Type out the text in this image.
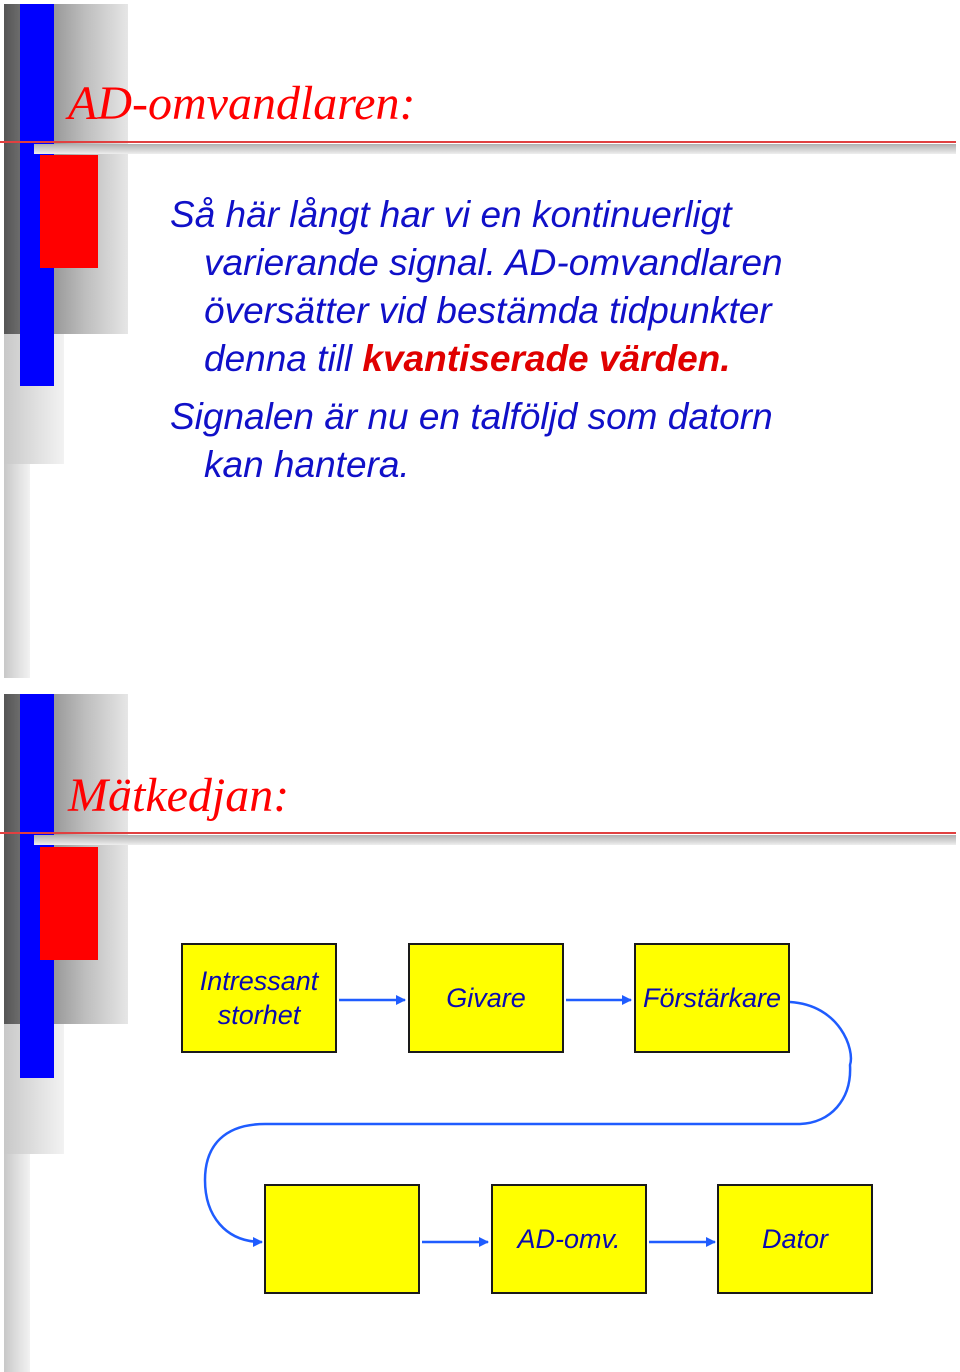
AD-omvandlaren:

Så här långt har vi en kontinuerligt

varierande signal. AD-omvandlaren

översätter vid bestämda tidpunkter

denna till kvantiserade värden.

Signalen är nu en talföljd som datorn

kan hantera.

Mätkedjan:
Intressant storhet
Givare	Förstärkare
AD-omv.	Dator
